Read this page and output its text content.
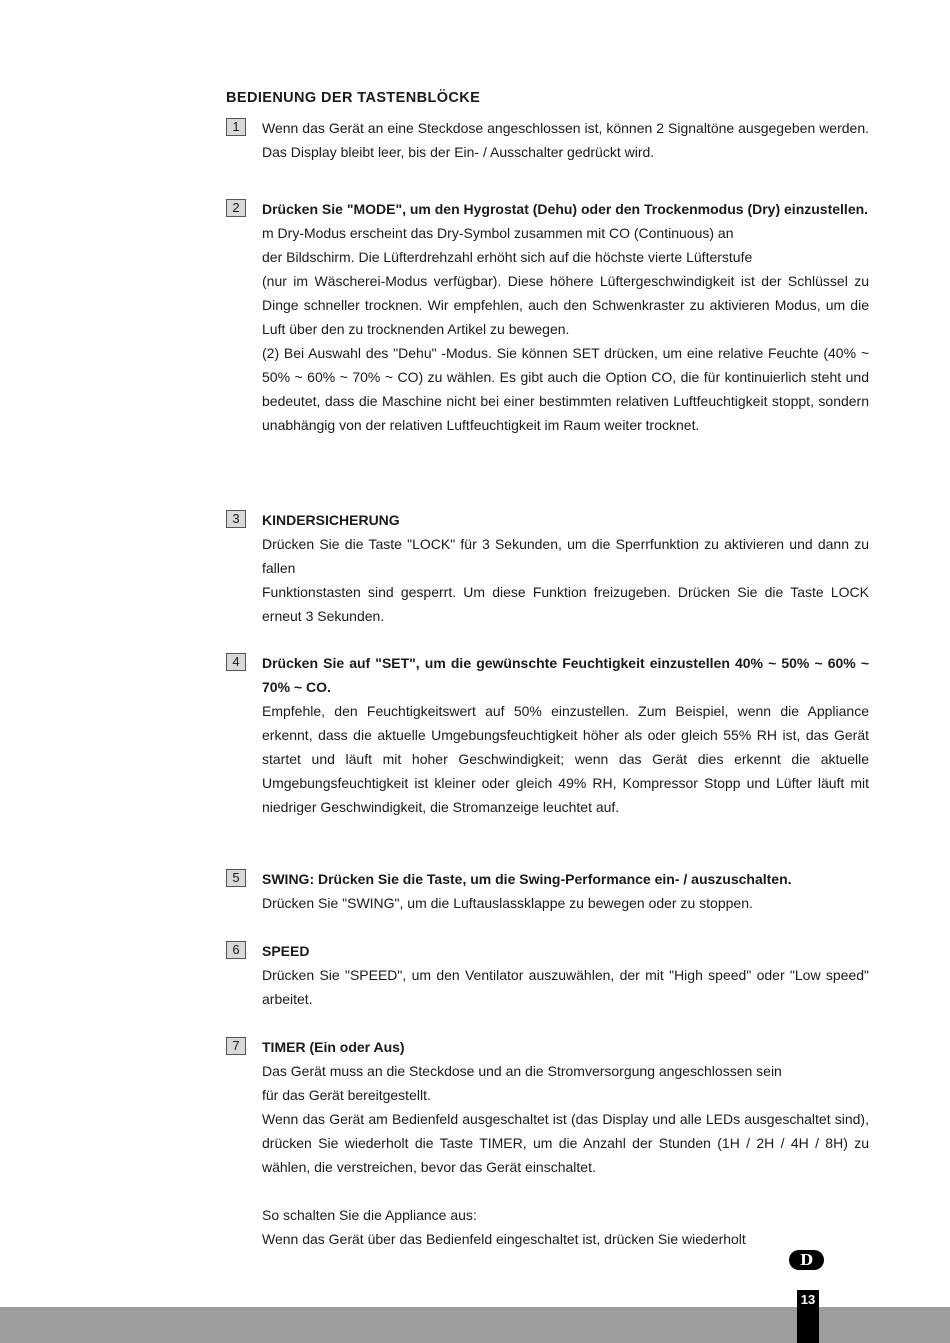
BEDIENUNG DER TASTENBLÖCKE
1	Wenn das Gerät an eine Steckdose angeschlossen ist, können 2 Signaltöne ausgegeben werden. Das Display bleibt leer, bis der Ein- / Ausschalter gedrückt wird.

2	Drücken Sie "MODE", um den Hygrostat (Dehu) oder den Trockenmodus (Dry) einzustellen.

m Dry-Modus erscheint das Dry-Symbol zusammen mit CO (Continuous) an

der Bildschirm. Die Lüfterdrehzahl erhöht sich auf die höchste vierte Lüfterstufe

(nur im Wäscherei-Modus verfügbar). Diese höhere Lüftergeschwindigkeit ist der Schlüssel zu Dinge schneller trocknen. Wir empfehlen, auch den Schwenkraster zu aktivieren Modus, um die Luft über den zu trocknenden Artikel zu bewegen.

(2) Bei Auswahl des "Dehu" -Modus. Sie können SET drücken, um eine relative Feuchte (40% ~ 50% ~ 60% ~ 70% ~ CO) zu wählen. Es gibt auch die Option CO, die für kontinuierlich steht und bedeutet, dass die Maschine nicht bei einer bestimmten relativen Luftfeuchtigkeit stoppt, sondern unabhängig von der relativen Luftfeuchtigkeit im Raum weiter trocknet.

3	KINDERSICHERUNG

Drücken Sie die Taste "LOCK" für 3 Sekunden, um die Sperrfunktion zu aktivieren und dann zu fallen

Funktionstasten sind gesperrt. Um diese Funktion freizugeben. Drücken Sie die Taste LOCK erneut 3 Sekunden.

4	Drücken Sie auf "SET", um die gewünschte Feuchtigkeit einzustellen 40% ~ 50% ~ 60% ~ 70% ~ CO.

Empfehle, den Feuchtigkeitswert auf 50% einzustellen. Zum Beispiel, wenn die Appliance erkennt, dass die aktuelle Umgebungsfeuchtigkeit höher als oder gleich 55% RH ist, das Gerät startet und läuft mit hoher Geschwindigkeit; wenn das Gerät dies erkennt die aktuelle Umgebungsfeuchtigkeit ist kleiner oder gleich 49% RH, Kompressor Stopp und Lüfter läuft mit niedriger Geschwindigkeit, die Stromanzeige leuchtet auf.

5	SWING: Drücken Sie die Taste, um die Swing-Performance ein- / auszuschalten.

Drücken Sie "SWING", um die Luftauslassklappe zu bewegen oder zu stoppen.

6	SPEED

Drücken Sie "SPEED", um den Ventilator auszuwählen, der mit "High speed" oder "Low speed" arbeitet.

7	TIMER (Ein oder Aus)

Das Gerät muss an die Steckdose und an die Stromversorgung angeschlossen sein

für das Gerät bereitgestellt.

Wenn das Gerät am Bedienfeld ausgeschaltet ist (das Display und alle LEDs ausgeschaltet sind), drücken Sie wiederholt die Taste TIMER, um die Anzahl der Stunden (1H / 2H / 4H / 8H) zu wählen, die verstreichen, bevor das Gerät einschaltet.

So schalten Sie die Appliance aus:

Wenn das Gerät über das Bedienfeld eingeschaltet ist, drücken Sie wiederholt

D
13
